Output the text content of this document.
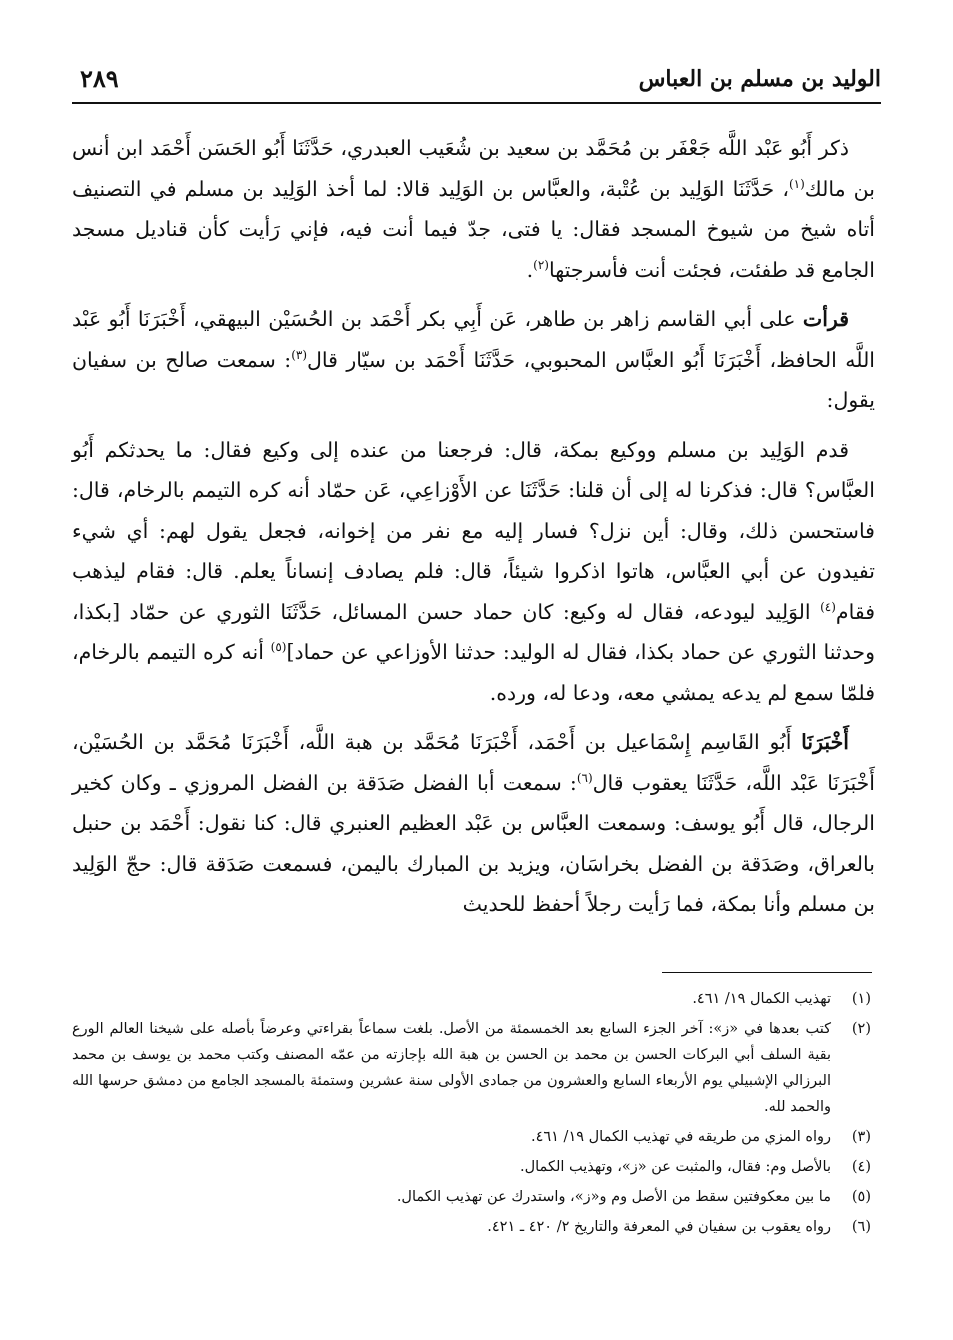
الوليد بن مسلم بن العباس
٢٨٩

ذكر أَبُو عَبْد اللَّه جَعْفَر بن مُحَمَّد بن سعيد بن شُعَيب العبدري، حَدَّثَنَا أَبُو الحَسَن أَحْمَد ابن أنس بن مالك$^{(١)}$، حَدَّثَنَا الوَلِيد بن عُتْبة، والعبَّاس بن الوَلِيد قالا: لما أخذ الوَلِيد بن مسلم في التصنيف أتاه شيخ من شيوخ المسجد فقال: يا فتى، جدّ فيما أنت فيه، فإني رَأيت كأن قناديل مسجد الجامع قد طفئت، فجئت أنت فأسرجتها$^{(٢)}$.

قرأت على أبي القاسم زاهر بن طاهر، عَن أَبِي بكر أَحْمَد بن الحُسَيْن البيهقي، أَخْبَرَنَا أَبُو عَبْد اللَّه الحافظ، أَخْبَرَنَا أَبُو العبَّاس المحبوبي، حَدَّثَنَا أَحْمَد بن سيّار قال$^{(٣)}$: سمعت صالح بن سفيان يقول:

قدم الوَلِيد بن مسلم ووكيع بمكة، قال: فرجعنا من عنده إلى وكيع فقال: ما يحدثكم أَبُو العبَّاس؟ قال: فذكرنا له إلى أن قلنا: حَدَّثَنَا عن الأَوْزاعِي، عَن حمّاد أنه كره التيمم بالرخام، قال: فاستحسن ذلك، وقال: أين نزل؟ فسار إليه مع نفر من إخوانه، فجعل يقول لهم: أي شيء تفيدون عن أبي العبَّاس، هاتوا اذكروا شيئاً، قال: فلم يصادف إنساناً يعلم. قال: فقام ليذهب فقام$^{(٤)}$ الوَلِيد ليودعه، فقال له وكيع: كان حماد حسن المسائل، حَدَّثَنَا الثوري عن حمّاد [بكذا، وحدثنا الثوري عن حماد بكذا، فقال له الوليد: حدثنا الأوزاعي عن حماد]$^{(٥)}$ أنه كره التيمم بالرخام، فلمّا سمع لم يدعه يمشي معه، ودعا له، ورده.

أَخْبَرَنَا أَبُو القَاسِم إِسْمَاعيل بن أَحْمَد، أَخْبَرَنَا مُحَمَّد بن هبة اللَّه، أَخْبَرَنَا مُحَمَّد بن الحُسَيْن، أَخْبَرَنَا عَبْد اللَّه، حَدَّثَنَا يعقوب قال$^{(٦)}$: سمعت أبا الفضل صَدَقة بن الفضل المروزي ـ وكان كخير الرجال، قال أَبُو يوسف: وسمعت العبَّاس بن عَبْد العظيم العنبري قال: كنا نقول: أَحْمَد بن حنبل بالعراق، وصَدَقة بن الفضل بخراسَان، ويزيد بن المبارك باليمن، فسمعت صَدَقة قال: حجّ الوَلِيد بن مسلم وأنا بمكة، فما رَأيت رجلاً أحفظ للحديث

(١)
تهذيب الكمال ١٩/ ٤٦١.
(٢)
كتب بعدها في «ز»: آخر الجزء السابع بعد الخمسمئة من الأصل. بلغت سماعاً بقراءتي وعرضاً بأصله على شيخنا العالم الورع بقية السلف أبي البركات الحسن بن محمد بن الحسن بن هبة الله بإجازته من عمّه المصنف وكتب محمد بن يوسف بن محمد البرزالي الإشبيلي يوم الأربعاء السابع والعشرون من جمادى الأولى سنة عشرين وستمئة بالمسجد الجامع من دمشق حرسها الله والحمد لله.
(٣)
رواه المزي من طريقه في تهذيب الكمال ١٩/ ٤٦١.
(٤)
بالأصل وم: فقال، والمثبت عن «ز»، وتهذيب الكمال.
(٥)
ما بين معكوفتين سقط من الأصل وم و«ز»، واستدرك عن تهذيب الكمال.
(٦)
رواه يعقوب بن سفيان في المعرفة والتاريخ ٢/ ٤٢٠ ـ ٤٢١.
